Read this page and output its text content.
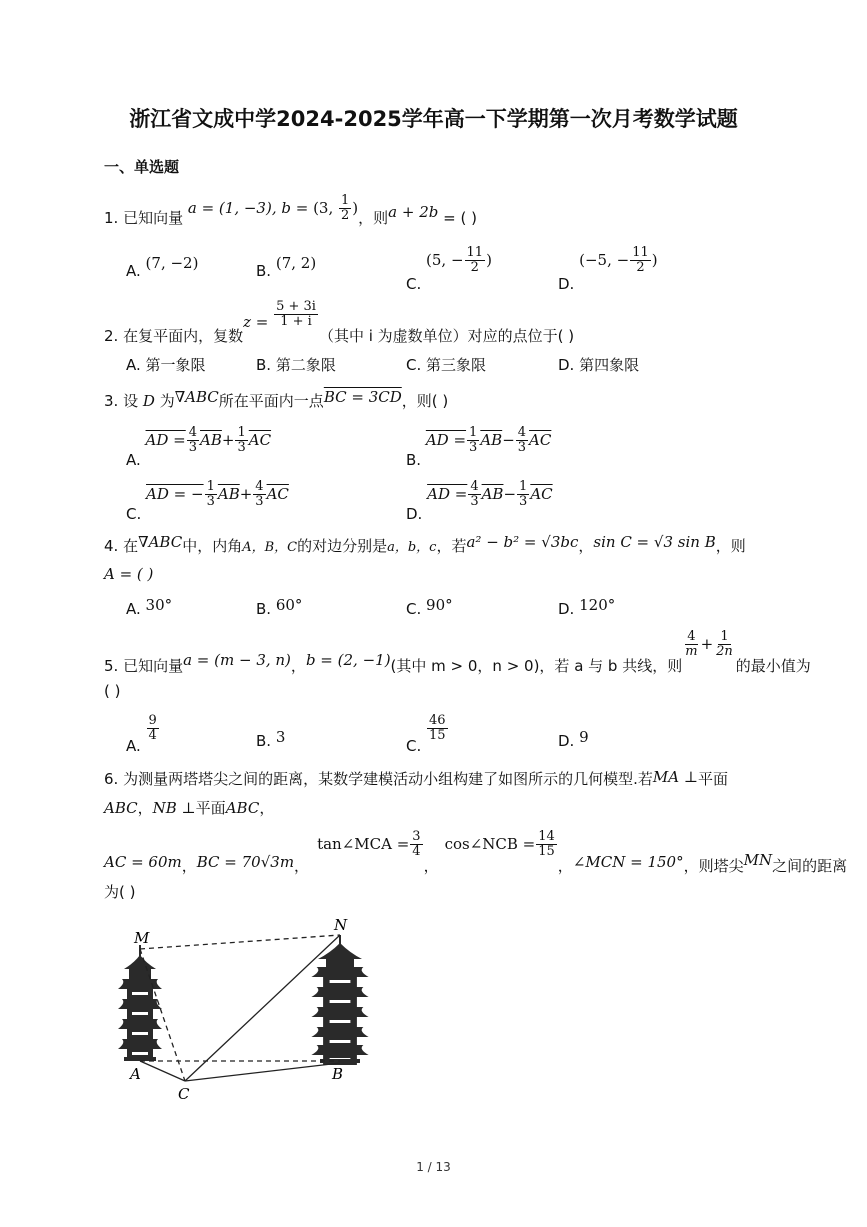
浙江省文成中学2024-2025学年高一下学期第一次月考数学试题
一、单选题
1. 已知向量 a = (1, −3), b = (3, $\frac{1}{2}$ )，则a + 2b = ( )
A. (7, −2)	B. (7, 2)
C. (5, − $\frac{11}{2}$ )
D. (−5, − $\frac{11}{2}$ )
2. 在复平面内，复数$z = \frac{5 + 3i}{1 + i}$
（其中 i 为虚数单位）对应的点位于( )
A. 第一象限	B. 第二象限	C. 第三象限	D. 第四象限
3. 设 D 为∇ABC所在平面内一点BC = 3CD，则( )
A. AD = $\frac{4}{3} \overline{AB}+ \frac{1}{3} \overline{AC}$
B. AD = $\frac{1}{3} \overline{AB}- \frac{4}{3} \overline{AC}$
C. AD = − $\frac{1}{3} \overline{AB}+ \frac{4}{3} \overline{AC}$
D. AD = $\frac{4}{3} \overline{AB}- \frac{1}{3} \overline{AC}$
4. 在∇ABC中，内角A，B，C的对边分别是a，b，c，若a² − b² = √3bc，sin C = √3 sin B，则
A = ( )
A. 30°	B. 60°	C. 90°	D. 120°
5. 已知向量a = (m − 3, n)，b = (2, −1)(其中 m > 0，n > 0)，若 a 与 b 共线，则
$\frac{4}{m} + \frac{1}{2n}$
的最小值为
( )
A.
$\frac{9}{4}$	B. 3	C.
$\frac{46}{15}$	D. 9
6. 为测量两塔塔尖之间的距离，某数学建模活动小组构建了如图所示的几何模型.若MA ⊥平面
ABC，NB ⊥平面ABC，
AC = 60m，BC = 70√3m，tan∠MCA = $\frac{3}{4}$
，cos∠NCB = $\frac{14}{15}$
，∠MCN = 150°，则塔尖MN之间的距离
为( )
M
N
A	B
C
1 / 13
